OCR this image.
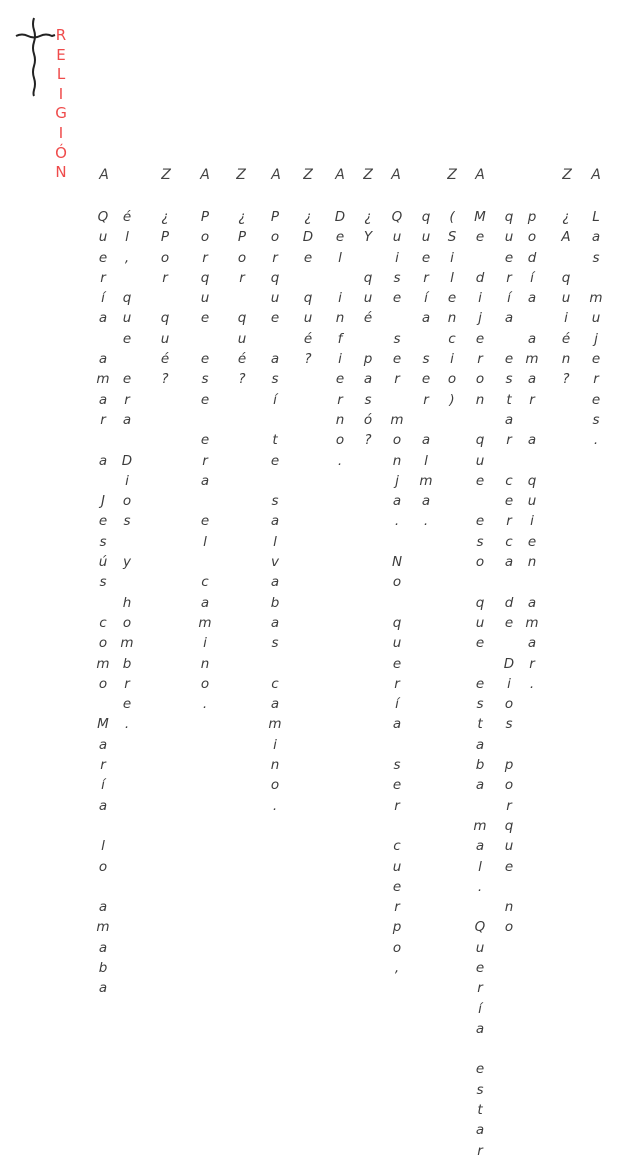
R
E
L
I
G
I
Ó
N A	Z A Z A Z A Z A	Z A	Z A
Q
u
e
r
í
a

a
m
a
r

a

J
e
s
ú
s

c
o
m
o

M
a
r
í
a

l
o

a
m
a
b
a
é
l
,

q
u
e

e
r
a

D
i
o
s

y

h
o
m
b
r
e
.
¿
P
o
r

q
u
é
?
P
o
r
q
u
e

e
s
e

e
r
a

e
l

c
a
m
i
n
o
.
¿
P
o
r

q
u
é
?
P
o
r
q
u
e

a
s
í

t
e

s
a
l
v
a
b
a
s

c
a
m
i
n
o
.
¿
D
e

q
u
é
?
D
e
l

i
n
f
i
e
r
n
o
.
¿
Y

q
u
é

p
a
s
ó
?
Q
u
i
s
e

s
e
r

m
o
n
j
a
.

N
o

q
u
e
r
í
a

s
e
r

c
u
e
r
p
o
,
q
u
e
r
í
a

s
e
r

a
l
m
a
.
(
S
i
l
e
n
c
i
o
)
M
e

d
i
j
e
r
o
n

q
u
e

e
s
o

q
u
e

e
s
t
a
b
a

m
a
l
.

Q
u
e
r
í
a

e
s
t
a
r
q
u
e
r
í
a

e
s
t
a
r

c
e
r
c
a

d
e

D
i
o
s

p
o
r
q
u
e

n
o
p
o
d
í
a

a
m
a
r

a

q
u
i
e
n

a
m
a
r
.
¿
A

q
u
i
é
n
?
L
a
s

m
u
j
e
r
e
s
.
